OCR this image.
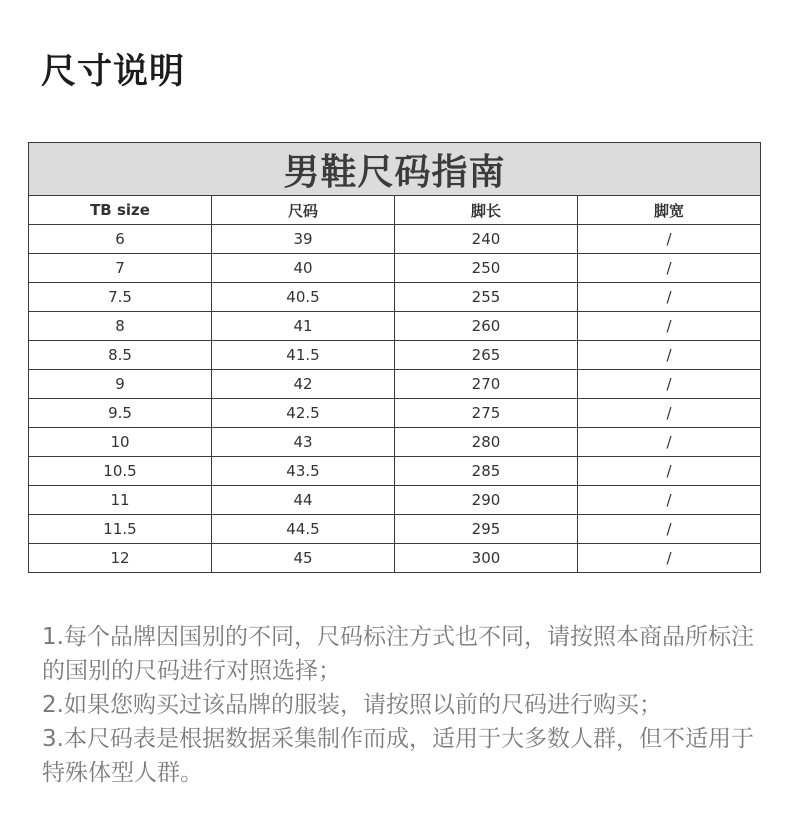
尺寸说明
男鞋尺码指南			
TB size	尺码	脚长	脚宽
6	39	240	/
7	40	250	/
7.5	40.5	255	/
8	41	260	/
8.5	41.5	265	/
9	42	270	/
9.5	42.5	275	/
10	43	280	/
10.5	43.5	285	/
11	44	290	/
11.5	44.5	295	/
12	45	300	/

1.每个品牌因国别的不同，尺码标注方式也不同，请按照本商品所标注的国别的尺码进行对照选择；

2.如果您购买过该品牌的服装，请按照以前的尺码进行购买；

3.本尺码表是根据数据采集制作而成，适用于大多数人群，但不适用于特殊体型人群。
